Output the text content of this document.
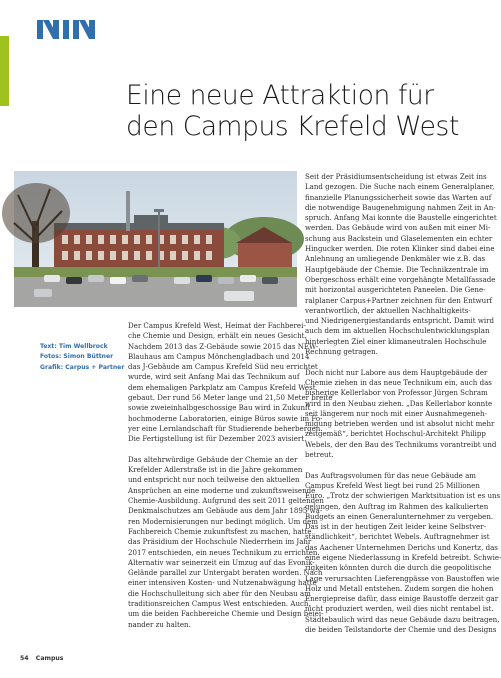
Eine neue Attraktion für
den Campus Krefeld West
Text: Tim Wellbrock
Fotos: Simon Büttner
Grafik: Carpus + Partner

Der Campus Krefeld West, Heimat der Fachberei-
che Chemie und Design, erhält ein neues Gesicht.
Nachdem 2013 das Z-Gebäude sowie 2015 das NEW-
Blauhaus am Campus Mönchengladbach und 2014
das J-Gebäude am Campus Krefeld Süd neu errichtet
wurde, wird seit Anfang Mai das Technikum auf
dem ehemaligen Parkplatz am Campus Krefeld West
gebaut. Der rund 56 Meter lange und 21,50 Meter breite
sowie zweieinhalbgeschossige Bau wird in Zukunft
hochmoderne Laboratorien, einige Büros sowie im Fo-
yer eine Lernlandschaft für Studierende beherbergen.
Die Fertigstellung ist für Dezember 2023 avisiert.

Das altehrwürdige Gebäude der Chemie an der
Krefelder Adlerstraße ist in die Jahre gekommen
und entspricht nur noch teilweise den aktuellen
Ansprüchen an eine moderne und zukunftsweisende
Chemie-Ausbildung. Aufgrund des seit 2011 geltenden
Denkmalschutzes am Gebäude aus dem Jahr 1895 wa-
ren Modernisierungen nur bedingt möglich. Um dem
Fachbereich Chemie zukunftsfest zu machen, hatte
das Präsidium der Hochschule Niederrhein im Jahr
2017 entschieden, ein neues Technikum zu errichten.
Alternativ war seinerzeit ein Umzug auf das Evonik-
Gelände parallel zur Untergabt beraten worden. Nach
einer intensiven Kosten- und Nutzenabwägung hatte
die Hochschulleitung sich aber für den Neubau am
traditionsreichen Campus West entschieden. Auch,
um die beiden Fachbereiche Chemie und Design beiei-
nander zu halten.

Seit der Präsidiumsentscheidung ist etwas Zeit ins
Land gezogen. Die Suche nach einem Generalplaner,
finanzielle Planungssicherheit sowie das Warten auf
die notwendige Baugenehmigung nahmen Zeit in An-
spruch. Anfang Mai konnte die Baustelle eingerichtet
werden. Das Gebäude wird von außen mit einer Mi-
schung aus Backstein und Glaselementen ein echter
Hingucker werden. Die roten Klinker sind dabei eine
Anlehnung an umliegende Denkmäler wie z.B. das
Hauptgebäude der Chemie. Die Technikzentrale im
Obergeschoss erhält eine vorgehängte Metallfassade
mit horizontal ausgerichteten Paneelen. Die Gene-
ralplaner Carpus+Partner zeichnen für den Entwurf
verantwortlich, der aktuellen Nachhaltigkeits-
und Niedrigenergiestandards entspricht. Damit wird
auch dem im aktuellen Hochschulentwicklungsplan
hinterlegten Ziel einer klimaneutralen Hochschule
Rechnung getragen.

Doch nicht nur Labore aus dem Hauptgebäude der
Chemie ziehen in das neue Technikum ein, auch das
bisherige Kellerlabor von Professor Jürgen Schram
wird in den Neubau ziehen. „Das Kellerlabor konnte
seit längerem nur noch mit einer Ausnahmegeneh-
migung betrieben werden und ist absolut nicht mehr
zeitgemäß“, berichtet Hochschul-Architekt Philipp
Webels, der den Bau des Technikums vorantreibt und
betreut.

Das Auftragsvolumen für das neue Gebäude am
Campus Krefeld West liegt bei rund 25 Millionen
Euro. „Trotz der schwierigen Marktsituation ist es uns
gelungen, den Auftrag im Rahmen des kalkulierten
Budgets an einen Generalunternehmer zu vergeben.
Das ist in der heutigen Zeit leider keine Selbstver-
ständlichkeit“, berichtet Webels. Auftragnehmer ist
das Aachener Unternehmen Derichs und Konertz, das
eine eigene Niederlassung in Krefeld betreibt. Schwie-
rigkeiten könnten durch die durch die geopolitische
Lage verursachten Lieferengpässe von Baustoffen wie
Holz und Metall entstehen. Zudem sorgen die hohen
Energiepreise dafür, dass einige Baustoffe derzeit gar
nicht produziert werden, weil dies nicht rentabel ist.
Städtebaulich wird das neue Gebäude dazu beitragen,
die beiden Teilstandorte der Chemie und des Designs

54 Campus
